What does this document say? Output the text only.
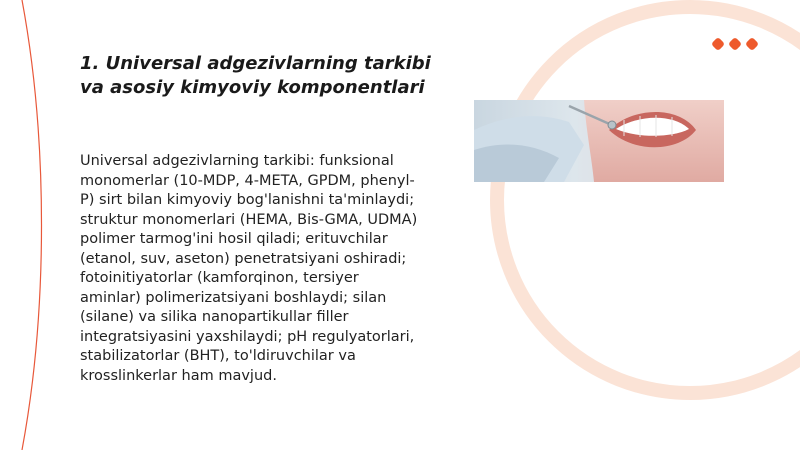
1. Universal adgezivlarning tarkibi va asosiy kimyoviy komponentlari

Universal adgezivlarning tarkibi: funksional monomerlar (10-MDP, 4-META, GPDM, phenyl-P) sirt bilan kimyoviy bog'lanishni ta'minlaydi; struktur monomerlari (HEMA, Bis-GMA, UDMA) polimer tarmog'ini hosil qiladi; erituvchilar (etanol, suv, aseton) penetratsiyani oshiradi; fotoinitiyatorlar (kamforqinon, tersiyer aminlar) polimerizatsiyani boshlaydi; silan (silane) va silika nanopartikullar filler integratsiyasini yaxshilaydi; pH regulyatorlari, stabilizatorlar (BHT), to'ldiruvchilar va krosslinkerlar ham mavjud.
